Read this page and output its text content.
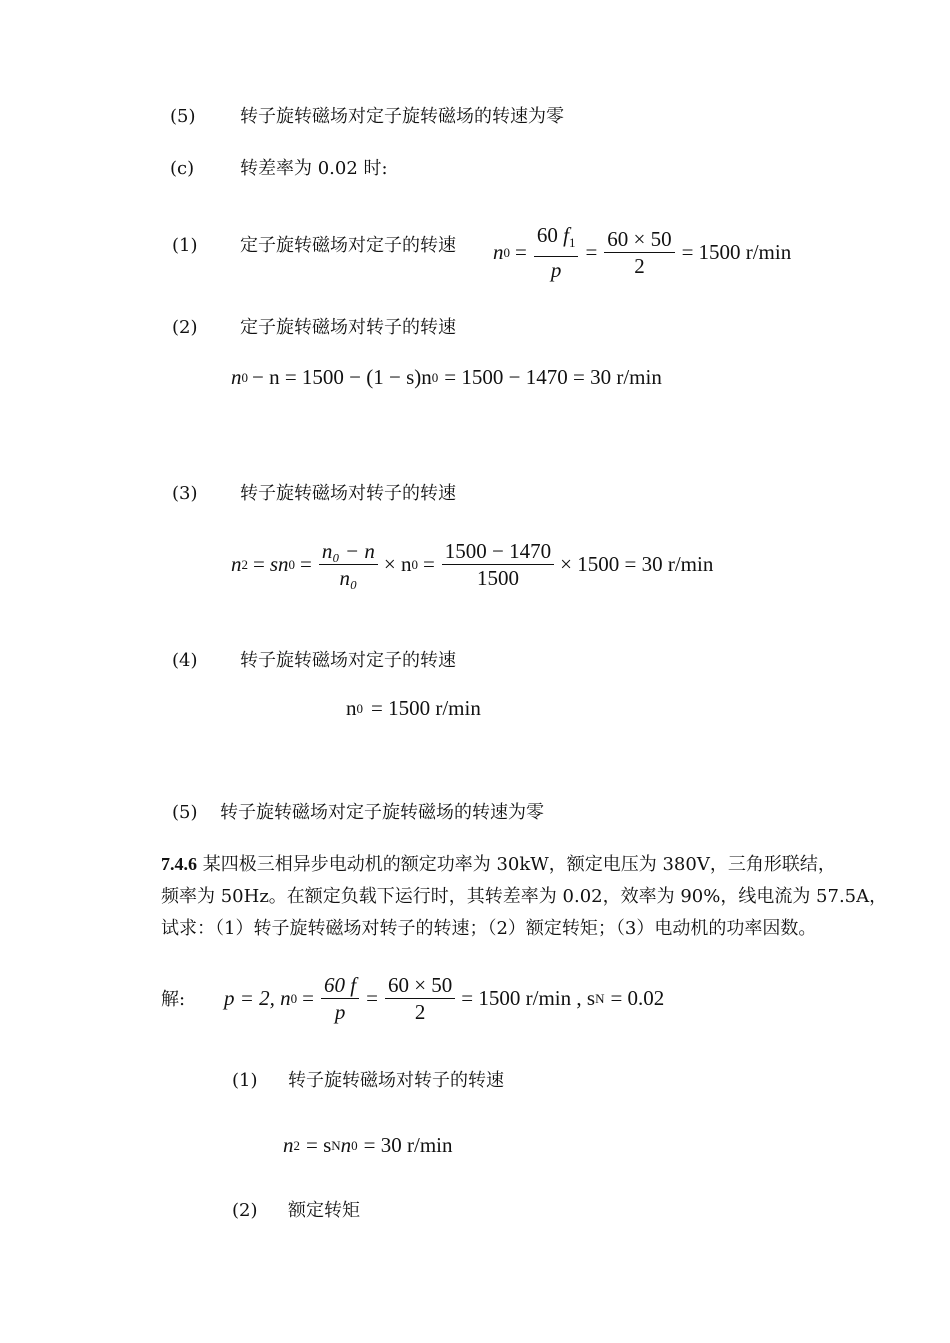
(5) 转子旋转磁场对定子旋转磁场的转速为零
(c)	转差率为 0.02 时:
(1) 定子旋转磁场对定子的转速 n $0 = \frac{60 f_1}{p} = \frac{60 \times 50}{2} = 1500$ r/min
(2) 定子旋转磁场对转子的转速
n 0 − n = 1500 − (1 − s)n 0 = 1500 − 1470 = 30 r/min
(3) 转子旋转磁场对转子的转速
n 2 = sn $0 = \frac{\text{n₀ − n}}{\text{n₀}} \times n$ $0 = \frac{1500 - 1470}{1500} \times 1500 = 30$ r/min
(4) 转子旋转磁场对定子的转速
n 0 = 1500 r/min
(5) 转子旋转磁场对定子旋转磁场的转速为零
7.4.6 某四极三相异步电动机的额定功率为 30kW，额定电压为 380V，三角形联结，
频率为 50Hz。在额定负载下运行时，其转差率为 0.02，效率为 90%，线电流为 57.5A，
试求：（1）转子旋转磁场对转子的转速；（2）额定转矩；（3）电动机的功率因数。
解: p = 2, n $0 = \frac{60 f}{p} = \frac{60 \times 50}{2} = 1500$ r/min , s N = 0.02
(1) 转子旋转磁场对转子的转速
n 2 = s N n 0 = 30 r/min
(2) 额定转矩
